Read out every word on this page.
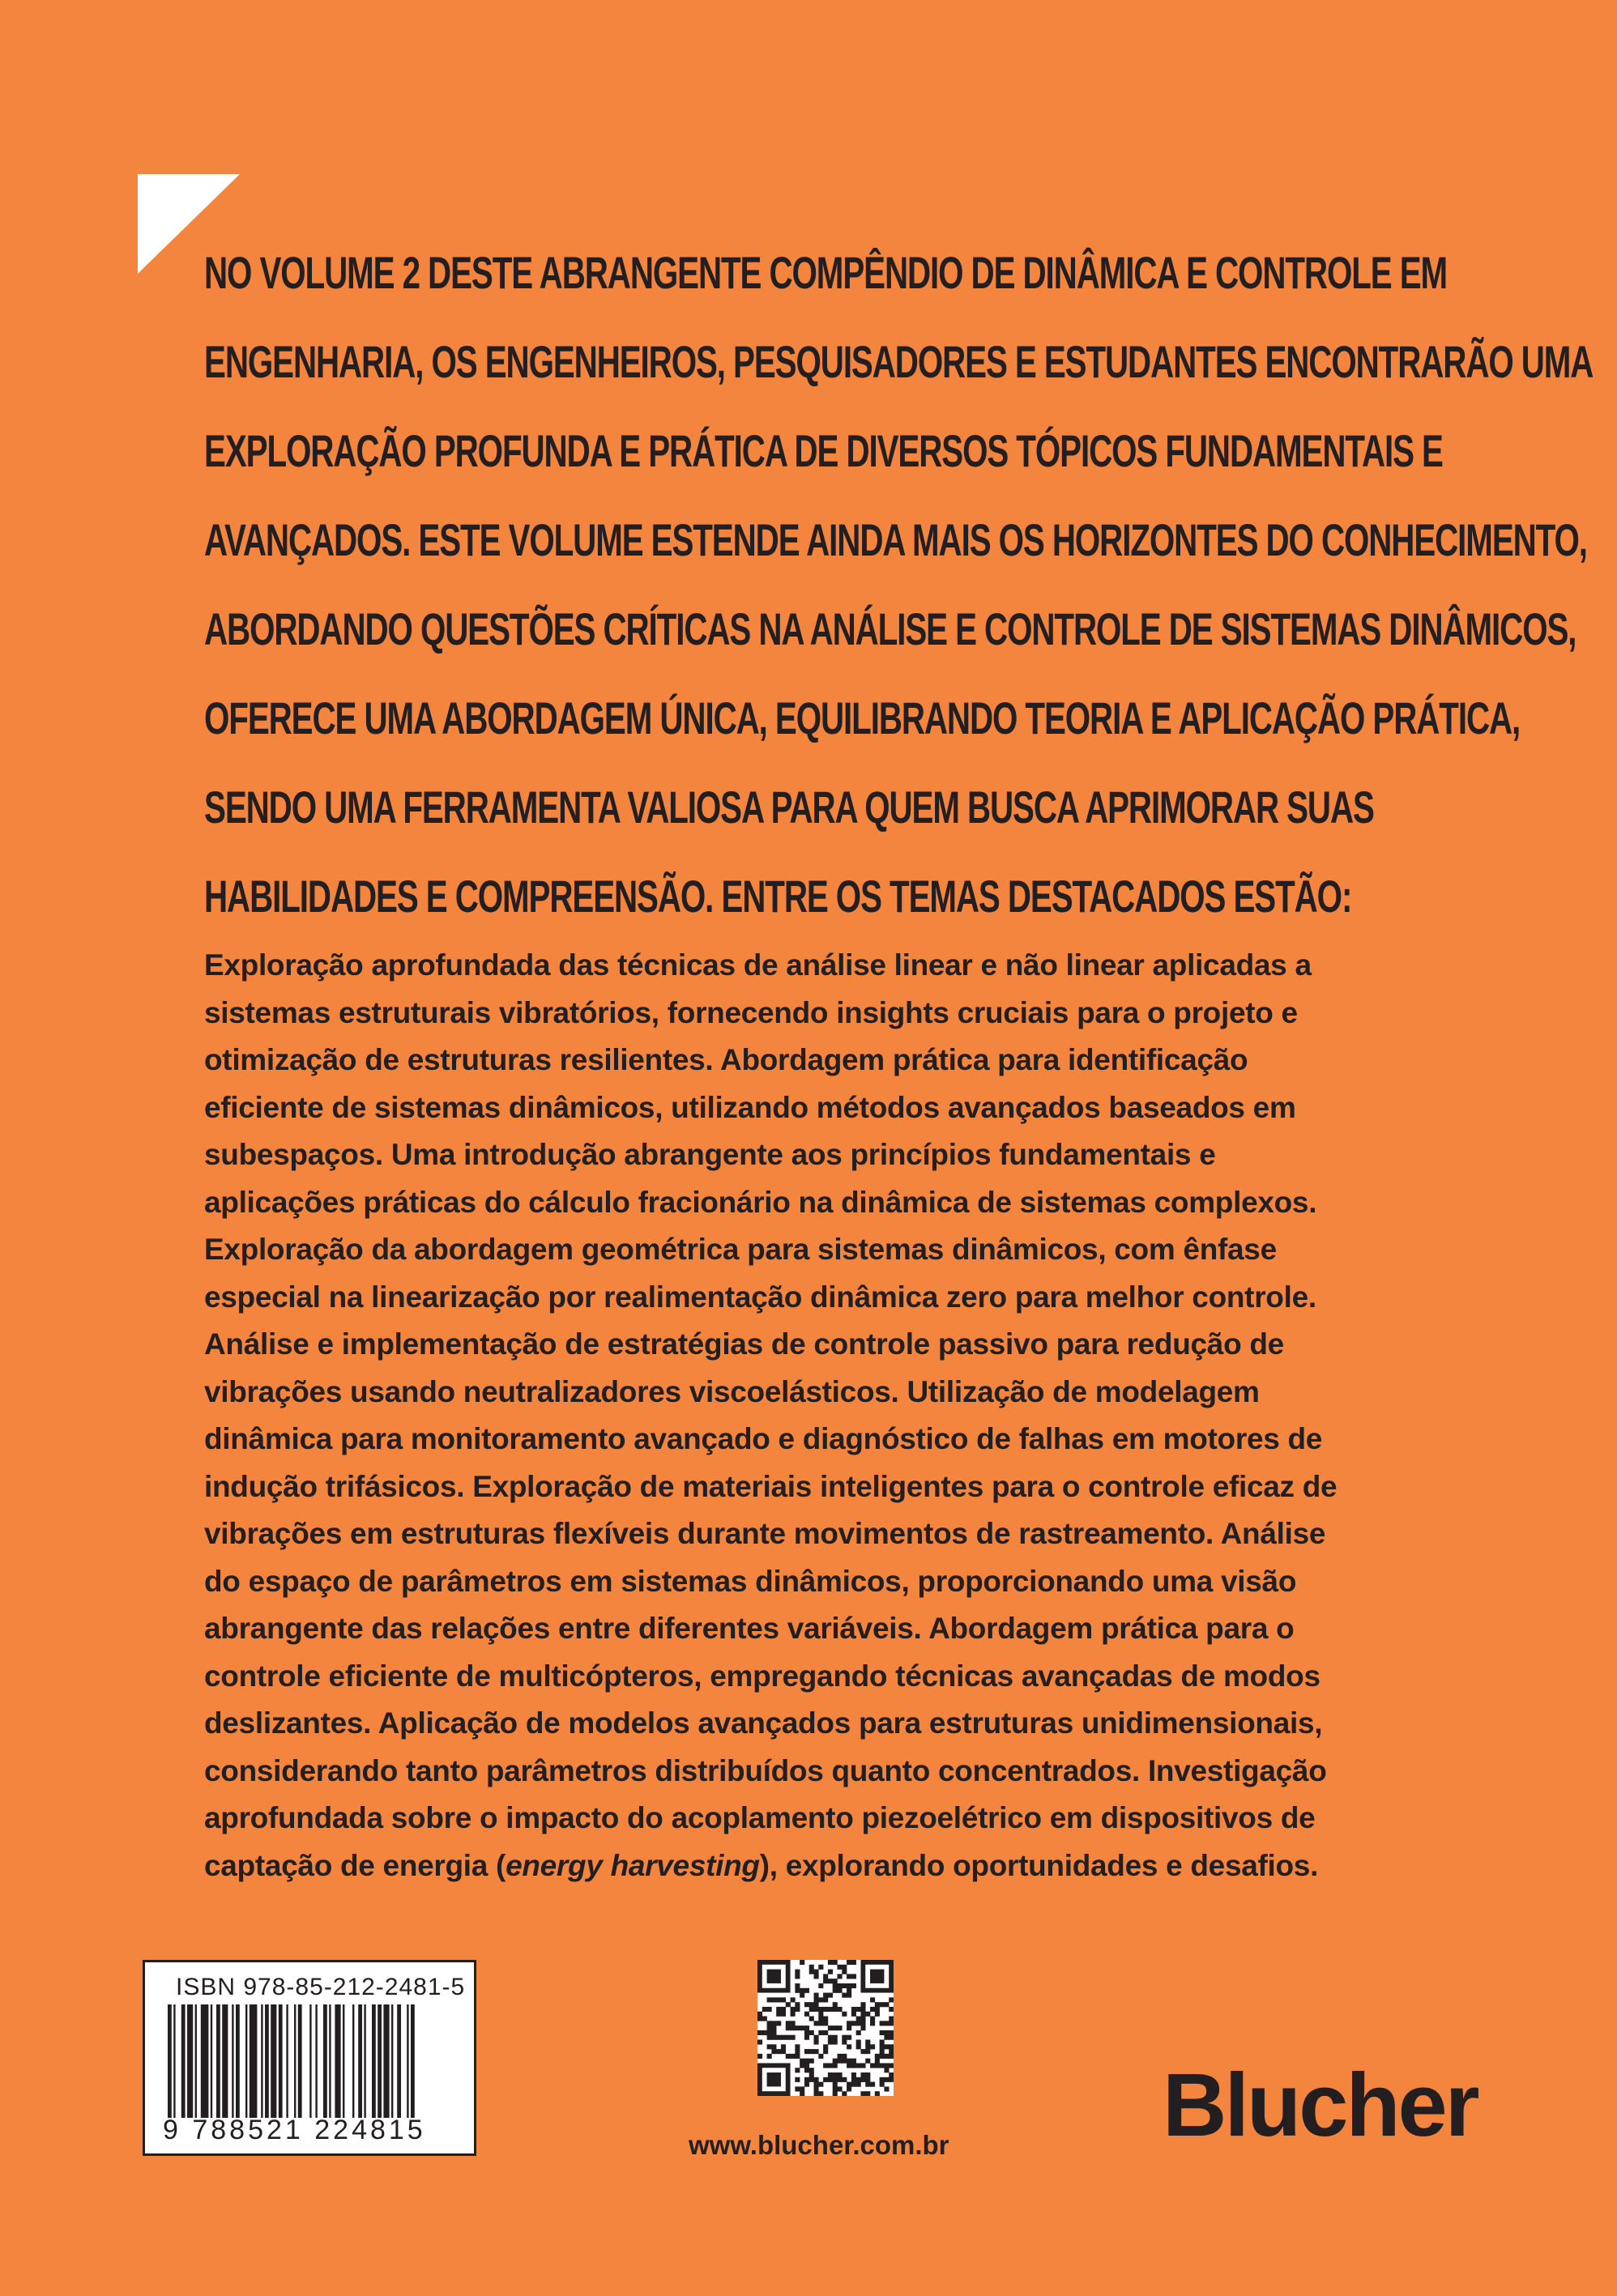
NO VOLUME 2 DESTE ABRANGENTE COMPÊNDIO DE DINÂMICA E CONTROLE EM
ENGENHARIA, OS ENGENHEIROS, PESQUISADORES E ESTUDANTES ENCONTRARÃO UMA
EXPLORAÇÃO PROFUNDA E PRÁTICA DE DIVERSOS TÓPICOS FUNDAMENTAIS E
AVANÇADOS. ESTE VOLUME ESTENDE AINDA MAIS OS HORIZONTES DO CONHECIMENTO,
ABORDANDO QUESTÕES CRÍTICAS NA ANÁLISE E CONTROLE DE SISTEMAS DINÂMICOS,
OFERECE UMA ABORDAGEM ÚNICA, EQUILIBRANDO TEORIA E APLICAÇÃO PRÁTICA,
SENDO UMA FERRAMENTA VALIOSA PARA QUEM BUSCA APRIMORAR SUAS
HABILIDADES E COMPREENSÃO. ENTRE OS TEMAS DESTACADOS ESTÃO:
Exploração aprofundada das técnicas de análise linear e não linear aplicadas a
sistemas estruturais vibratórios, fornecendo insights cruciais para o projeto e
otimização de estruturas resilientes. Abordagem prática para identificação
eficiente de sistemas dinâmicos, utilizando métodos avançados baseados em
subespaços. Uma introdução abrangente aos princípios fundamentais e
aplicações práticas do cálculo fracionário na dinâmica de sistemas complexos.
Exploração da abordagem geométrica para sistemas dinâmicos, com ênfase
especial na linearização por realimentação dinâmica zero para melhor controle.
Análise e implementação de estratégias de controle passivo para redução de
vibrações usando neutralizadores viscoelásticos. Utilização de modelagem
dinâmica para monitoramento avançado e diagnóstico de falhas em motores de
indução trifásicos. Exploração de materiais inteligentes para o controle eficaz de
vibrações em estruturas flexíveis durante movimentos de rastreamento. Análise
do espaço de parâmetros em sistemas dinâmicos, proporcionando uma visão
abrangente das relações entre diferentes variáveis. Abordagem prática para o
controle eficiente de multicópteros, empregando técnicas avançadas de modos
deslizantes. Aplicação de modelos avançados para estruturas unidimensionais,
considerando tanto parâmetros distribuídos quanto concentrados. Investigação
aprofundada sobre o impacto do acoplamento piezoelétrico em dispositivos de
captação de energia (energy harvesting), explorando oportunidades e desafios.
ISBN 978-85-212-2481-5
9 788521 224815	www.blucher.com.br Blucher
